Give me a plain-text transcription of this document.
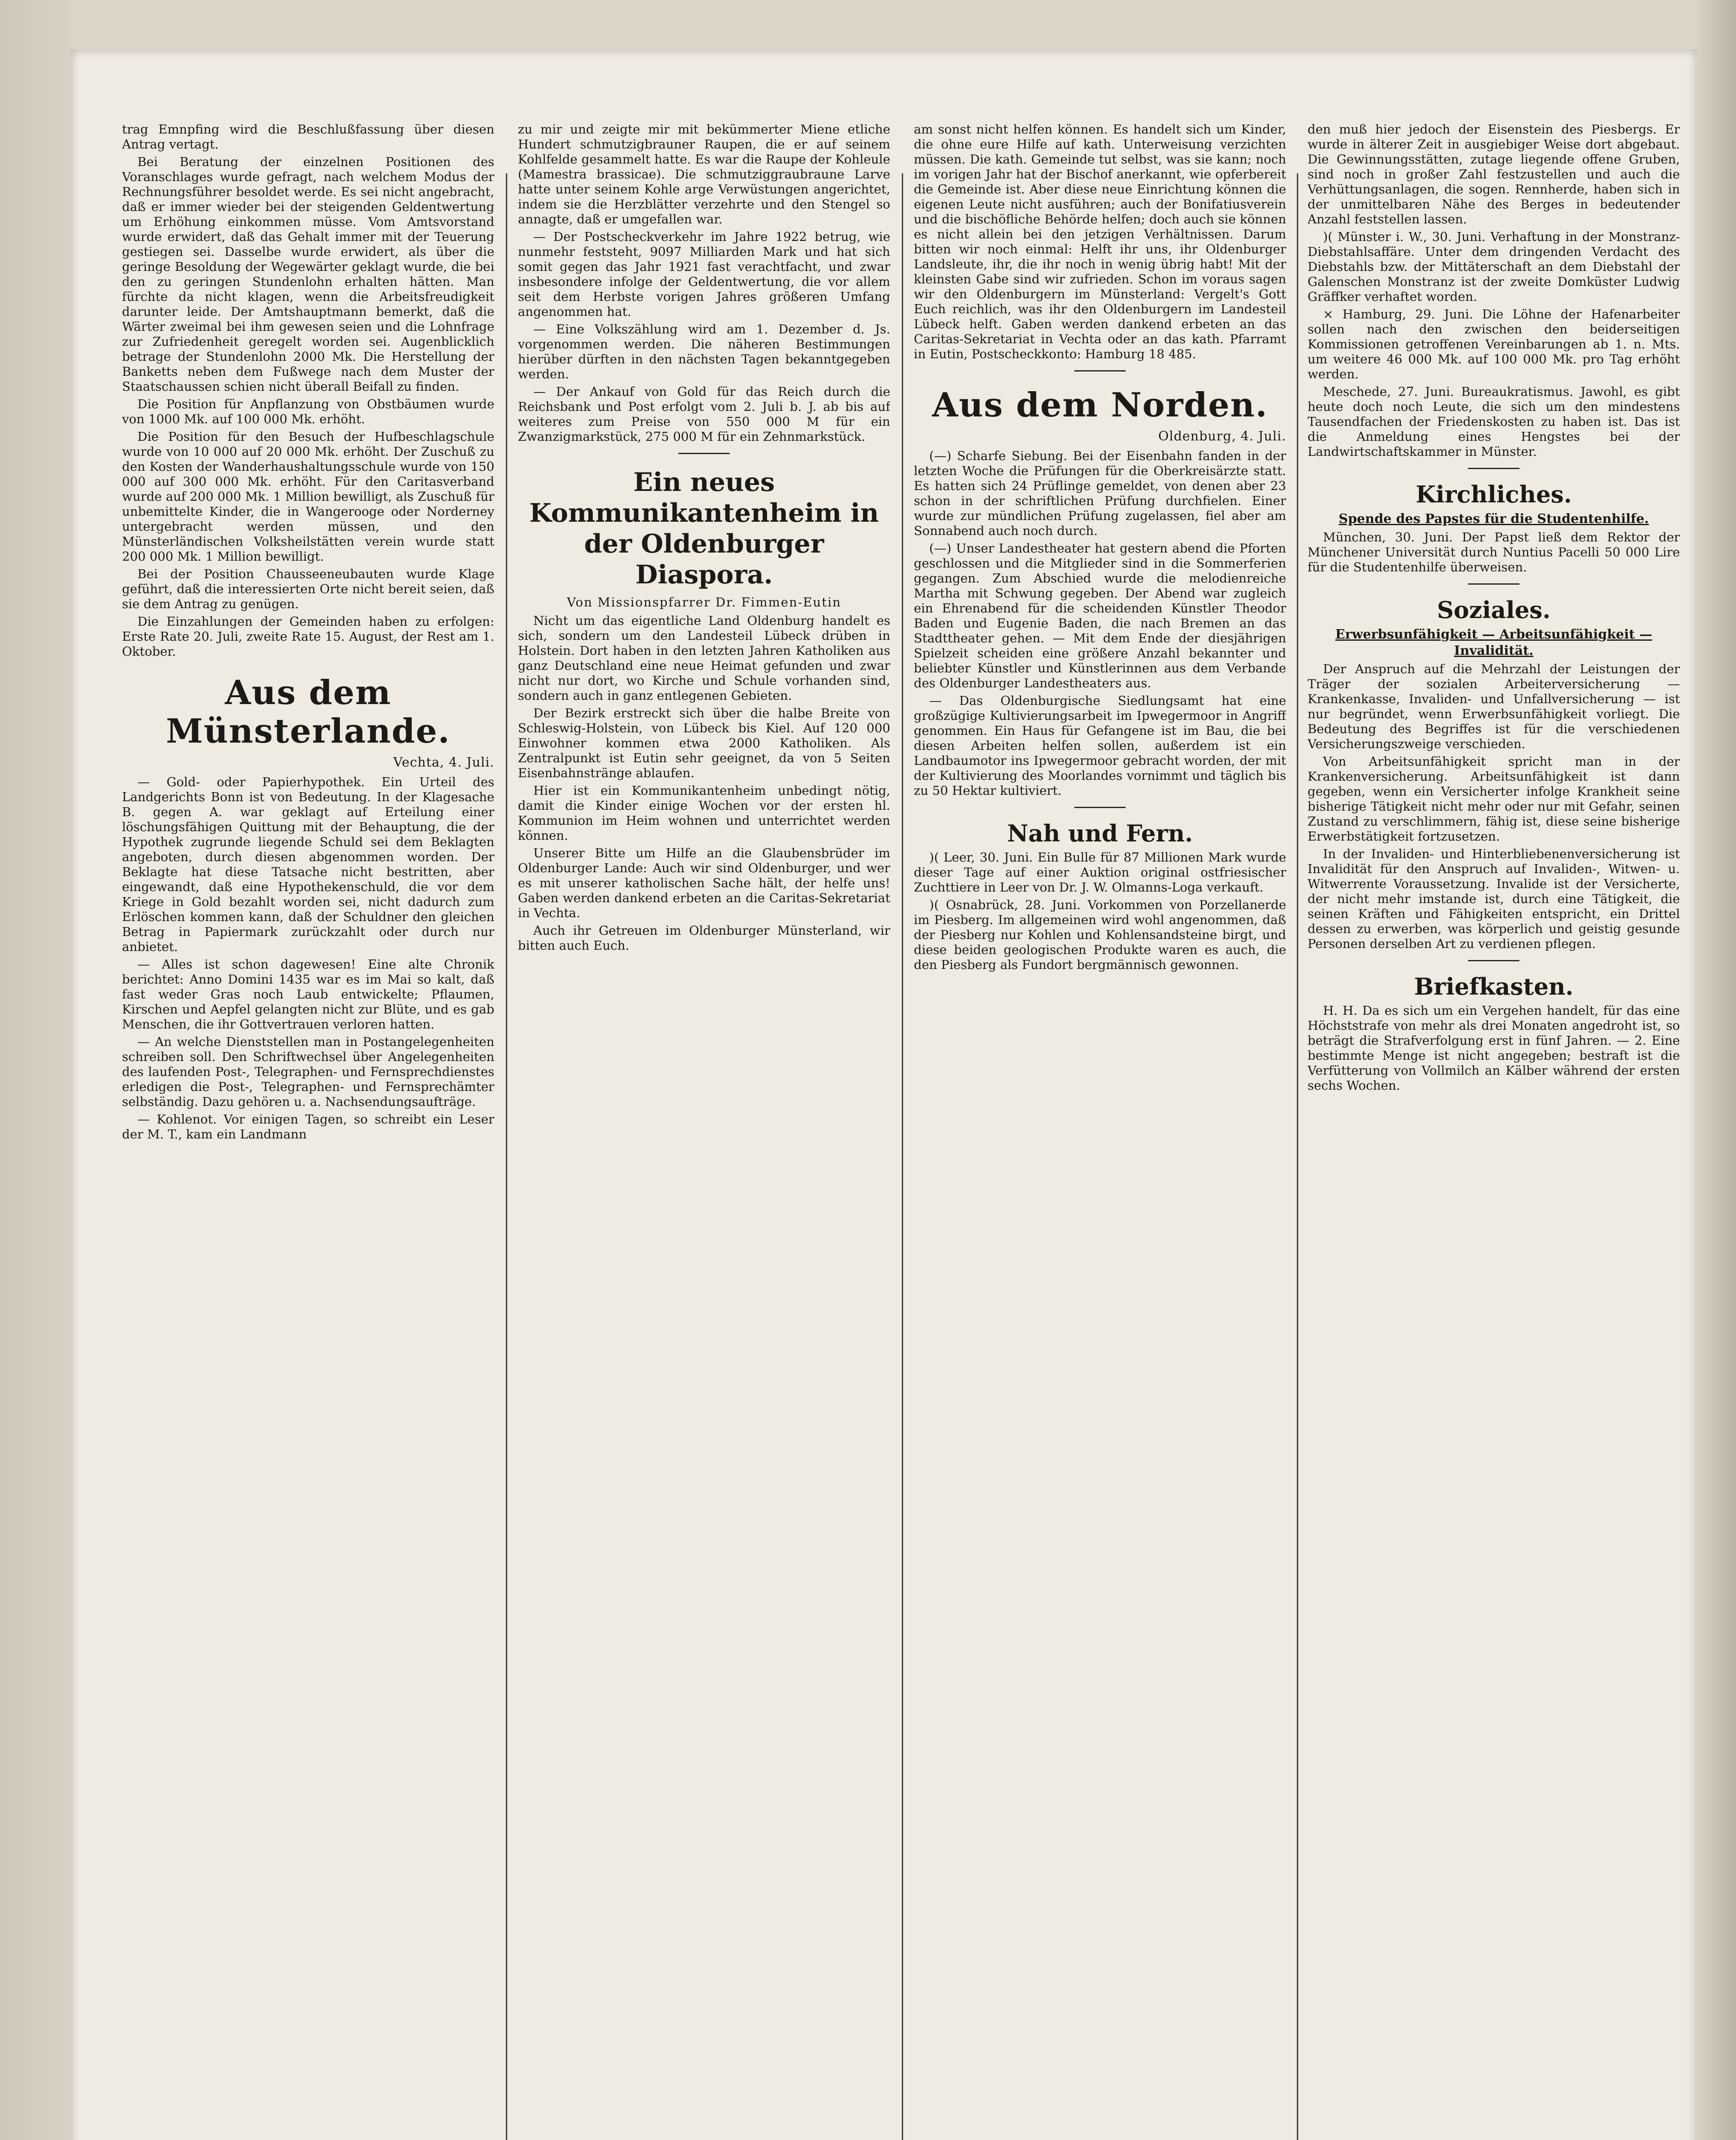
trag Emnpfing wird die Beschlußfassung über diesen Antrag vertagt.

Bei Beratung der einzelnen Positionen des Voranschlages wurde gefragt, nach welchem Modus der Rechnungsführer besoldet werde. Es sei nicht angebracht, daß er immer wieder bei der steigenden Geldentwertung um Erhöhung einkommen müsse. Vom Amtsvorstand wurde erwidert, daß das Gehalt immer mit der Teuerung gestiegen sei. Dasselbe wurde erwidert, als über die geringe Besoldung der Wegewärter geklagt wurde, die bei den zu geringen Stundenlohn erhalten hätten. Man fürchte da nicht klagen, wenn die Arbeitsfreudigkeit darunter leide. Der Amtshauptmann bemerkt, daß die Wärter zweimal bei ihm gewesen seien und die Lohnfrage zur Zufriedenheit geregelt worden sei. Augenblicklich betrage der Stundenlohn 2000 Mk. Die Herstellung der Banketts neben dem Fußwege nach dem Muster der Staatschaussen schien nicht überall Beifall zu finden.

Die Position für Anpflanzung von Obstbäumen wurde von 1000 Mk. auf 100 000 Mk. erhöht.

Die Position für den Besuch der Hufbeschlagschule wurde von 10 000 auf 20 000 Mk. erhöht. Der Zuschuß zu den Kosten der Wanderhaushaltungsschule wurde von 150 000 auf 300 000 Mk. erhöht. Für den Caritasverband wurde auf 200 000 Mk. 1 Million bewilligt, als Zuschuß für unbemittelte Kinder, die in Wangerooge oder Norderney untergebracht werden müssen, und den Münsterländischen Volksheilstätten verein wurde statt 200 000 Mk. 1 Million bewilligt.

Bei der Position Chausseeneubauten wurde Klage geführt, daß die interessierten Orte nicht bereit seien, daß sie dem Antrag zu genügen.

Die Einzahlungen der Gemeinden haben zu erfolgen: Erste Rate 20. Juli, zweite Rate 15. August, der Rest am 1. Oktober.

Aus dem Münsterlande.
Vechta, 4. Juli.

— Gold- oder Papierhypothek. Ein Urteil des Landgerichts Bonn ist von Bedeutung. In der Klagesache B. gegen A. war geklagt auf Erteilung einer löschungsfähigen Quittung mit der Behauptung, die der Hypothek zugrunde liegende Schuld sei dem Beklagten angeboten, durch diesen abgenommen worden. Der Beklagte hat diese Tatsache nicht bestritten, aber eingewandt, daß eine Hypothekenschuld, die vor dem Kriege in Gold bezahlt worden sei, nicht dadurch zum Erlöschen kommen kann, daß der Schuldner den gleichen Betrag in Papiermark zurückzahlt oder durch nur anbietet.

— Alles ist schon dagewesen! Eine alte Chronik berichtet: Anno Domini 1435 war es im Mai so kalt, daß fast weder Gras noch Laub entwickelte; Pflaumen, Kirschen und Aepfel gelangten nicht zur Blüte, und es gab Menschen, die ihr Gottvertrauen verloren hatten.

— An welche Dienststellen man in Postangelegenheiten schreiben soll. Den Schriftwechsel über Angelegenheiten des laufenden Post-, Telegraphen- und Fernsprechdienstes erledigen die Post-, Telegraphen- und Fernsprechämter selbständig. Dazu gehören u. a. Nachsendungsaufträge.

— Kohlenot. Vor einigen Tagen, so schreibt ein Leser der M. T., kam ein Landmann

zu mir und zeigte mir mit bekümmerter Miene etliche Hundert schmutzigbrauner Raupen, die er auf seinem Kohlfelde gesammelt hatte. Es war die Raupe der Kohleule (Mamestra brassicae). Die schmutziggraubraune Larve hatte unter seinem Kohle arge Verwüstungen angerichtet, indem sie die Herzblätter verzehrte und den Stengel so annagte, daß er umgefallen war.

— Der Postscheckverkehr im Jahre 1922 betrug, wie nunmehr feststeht, 9097 Milliarden Mark und hat sich somit gegen das Jahr 1921 fast verachtfacht, und zwar insbesondere infolge der Geldentwertung, die vor allem seit dem Herbste vorigen Jahres größeren Umfang angenommen hat.

— Eine Volkszählung wird am 1. Dezember d. Js. vorgenommen werden. Die näheren Bestimmungen hierüber dürften in den nächsten Tagen bekanntgegeben werden.

— Der Ankauf von Gold für das Reich durch die Reichsbank und Post erfolgt vom 2. Juli b. J. ab bis auf weiteres zum Preise von 550 000 M für ein Zwanzigmarkstück, 275 000 M für ein Zehnmarkstück.

Ein neues Kommunikantenheim in der Oldenburger Diaspora.
Von Missionspfarrer Dr. Fimmen-Eutin

Nicht um das eigentliche Land Oldenburg handelt es sich, sondern um den Landesteil Lübeck drüben in Holstein. Dort haben in den letzten Jahren Katholiken aus ganz Deutschland eine neue Heimat gefunden und zwar nicht nur dort, wo Kirche und Schule vorhanden sind, sondern auch in ganz entlegenen Gebieten.

Der Bezirk erstreckt sich über die halbe Breite von Schleswig-Holstein, von Lübeck bis Kiel. Auf 120 000 Einwohner kommen etwa 2000 Katholiken. Als Zentralpunkt ist Eutin sehr geeignet, da von 5 Seiten Eisenbahnstränge ablaufen.

Hier ist ein Kommunikantenheim unbedingt nötig, damit die Kinder einige Wochen vor der ersten hl. Kommunion im Heim wohnen und unterrichtet werden können.

Unserer Bitte um Hilfe an die Glaubensbrüder im Oldenburger Lande: Auch wir sind Oldenburger, und wer es mit unserer katholischen Sache hält, der helfe uns! Gaben werden dankend erbeten an die Caritas-Sekretariat in Vechta.

Auch ihr Getreuen im Oldenburger Münsterland, wir bitten auch Euch.

am sonst nicht helfen können. Es handelt sich um Kinder, die ohne eure Hilfe auf kath. Unterweisung verzichten müssen. Die kath. Gemeinde tut selbst, was sie kann; noch im vorigen Jahr hat der Bischof anerkannt, wie opferbereit die Gemeinde ist. Aber diese neue Einrichtung können die eigenen Leute nicht ausführen; auch der Bonifatiusverein und die bischöfliche Behörde helfen; doch auch sie können es nicht allein bei den jetzigen Verhältnissen. Darum bitten wir noch einmal: Helft ihr uns, ihr Oldenburger Landsleute, ihr, die ihr noch in wenig übrig habt! Mit der kleinsten Gabe sind wir zufrieden. Schon im voraus sagen wir den Oldenburgern im Münsterland: Vergelt's Gott Euch reichlich, was ihr den Oldenburgern im Landesteil Lübeck helft. Gaben werden dankend erbeten an das Caritas-Sekretariat in Vechta oder an das kath. Pfarramt in Eutin, Postscheckkonto: Hamburg 18 485.

Aus dem Norden.
Oldenburg, 4. Juli.

(—) Scharfe Siebung. Bei der Eisenbahn fanden in der letzten Woche die Prüfungen für die Oberkreisärzte statt. Es hatten sich 24 Prüflinge gemeldet, von denen aber 23 schon in der schriftlichen Prüfung durchfielen. Einer wurde zur mündlichen Prüfung zugelassen, fiel aber am Sonnabend auch noch durch.

(—) Unser Landestheater hat gestern abend die Pforten geschlossen und die Mitglieder sind in die Sommerferien gegangen. Zum Abschied wurde die melodienreiche Martha mit Schwung gegeben. Der Abend war zugleich ein Ehrenabend für die scheidenden Künstler Theodor Baden und Eugenie Baden, die nach Bremen an das Stadttheater gehen. — Mit dem Ende der diesjährigen Spielzeit scheiden eine größere Anzahl bekannter und beliebter Künstler und Künstlerinnen aus dem Verbande des Oldenburger Landestheaters aus.

— Das Oldenburgische Siedlungsamt hat eine großzügige Kultivierungsarbeit im Ipwegermoor in Angriff genommen. Ein Haus für Gefangene ist im Bau, die bei diesen Arbeiten helfen sollen, außerdem ist ein Landbaumotor ins Ipwegermoor gebracht worden, der mit der Kultivierung des Moorlandes vornimmt und täglich bis zu 50 Hektar kultiviert.

Nah und Fern.

)( Leer, 30. Juni. Ein Bulle für 87 Millionen Mark wurde dieser Tage auf einer Auktion original ostfriesischer Zuchttiere in Leer von Dr. J. W. Olmanns-Loga verkauft.

)( Osnabrück, 28. Juni. Vorkommen von Porzellanerde im Piesberg. Im allgemeinen wird wohl angenommen, daß der Piesberg nur Kohlen und Kohlensandsteine birgt, und diese beiden geologischen Produkte waren es auch, die den Piesberg als Fundort bergmännisch gewonnen.

den muß hier jedoch der Eisenstein des Piesbergs. Er wurde in älterer Zeit in ausgiebiger Weise dort abgebaut. Die Gewinnungsstätten, zutage liegende offene Gruben, sind noch in großer Zahl festzustellen und auch die Verhüttungsanlagen, die sogen. Rennherde, haben sich in der unmittelbaren Nähe des Berges in bedeutender Anzahl feststellen lassen.

)( Münster i. W., 30. Juni. Verhaftung in der Monstranz-Diebstahlsaffäre. Unter dem dringenden Verdacht des Diebstahls bzw. der Mittäterschaft an dem Diebstahl der Galenschen Monstranz ist der zweite Domküster Ludwig Gräffker verhaftet worden.

× Hamburg, 29. Juni. Die Löhne der Hafenarbeiter sollen nach den zwischen den beiderseitigen Kommissionen getroffenen Vereinbarungen ab 1. n. Mts. um weitere 46 000 Mk. auf 100 000 Mk. pro Tag erhöht werden.

Meschede, 27. Juni. Bureaukratismus. Jawohl, es gibt heute doch noch Leute, die sich um den mindestens Tausendfachen der Friedenskosten zu haben ist. Das ist die Anmeldung eines Hengstes bei der Landwirtschaftskammer in Münster.

Kirchliches.
Spende des Papstes für die Studentenhilfe.

München, 30. Juni. Der Papst ließ dem Rektor der Münchener Universität durch Nuntius Pacelli 50 000 Lire für die Studentenhilfe überweisen.

Soziales.
Erwerbsunfähigkeit — Arbeitsunfähigkeit — Invalidität.

Der Anspruch auf die Mehrzahl der Leistungen der Träger der sozialen Arbeiterversicherung — Krankenkasse, Invaliden- und Unfallversicherung — ist nur begründet, wenn Erwerbsunfähigkeit vorliegt. Die Bedeutung des Begriffes ist für die verschiedenen Versicherungszweige verschieden.

Von Arbeitsunfähigkeit spricht man in der Krankenversicherung. Arbeitsunfähigkeit ist dann gegeben, wenn ein Versicherter infolge Krankheit seine bisherige Tätigkeit nicht mehr oder nur mit Gefahr, seinen Zustand zu verschlimmern, fähig ist, diese seine bisherige Erwerbstätigkeit fortzusetzen.

In der Invaliden- und Hinterbliebenenversicherung ist Invalidität für den Anspruch auf Invaliden-, Witwen- u. Witwerrente Voraussetzung. Invalide ist der Versicherte, der nicht mehr imstande ist, durch eine Tätigkeit, die seinen Kräften und Fähigkeiten entspricht, ein Drittel dessen zu erwerben, was körperlich und geistig gesunde Personen derselben Art zu verdienen pflegen.

Briefkasten.

H. H. Da es sich um ein Vergehen handelt, für das eine Höchststrafe von mehr als drei Monaten angedroht ist, so beträgt die Strafverfolgung erst in fünf Jahren. — 2. Eine bestimmte Menge ist nicht angegeben; bestraft ist die Verfütterung von Vollmilch an Kälber während der ersten sechs Wochen.
